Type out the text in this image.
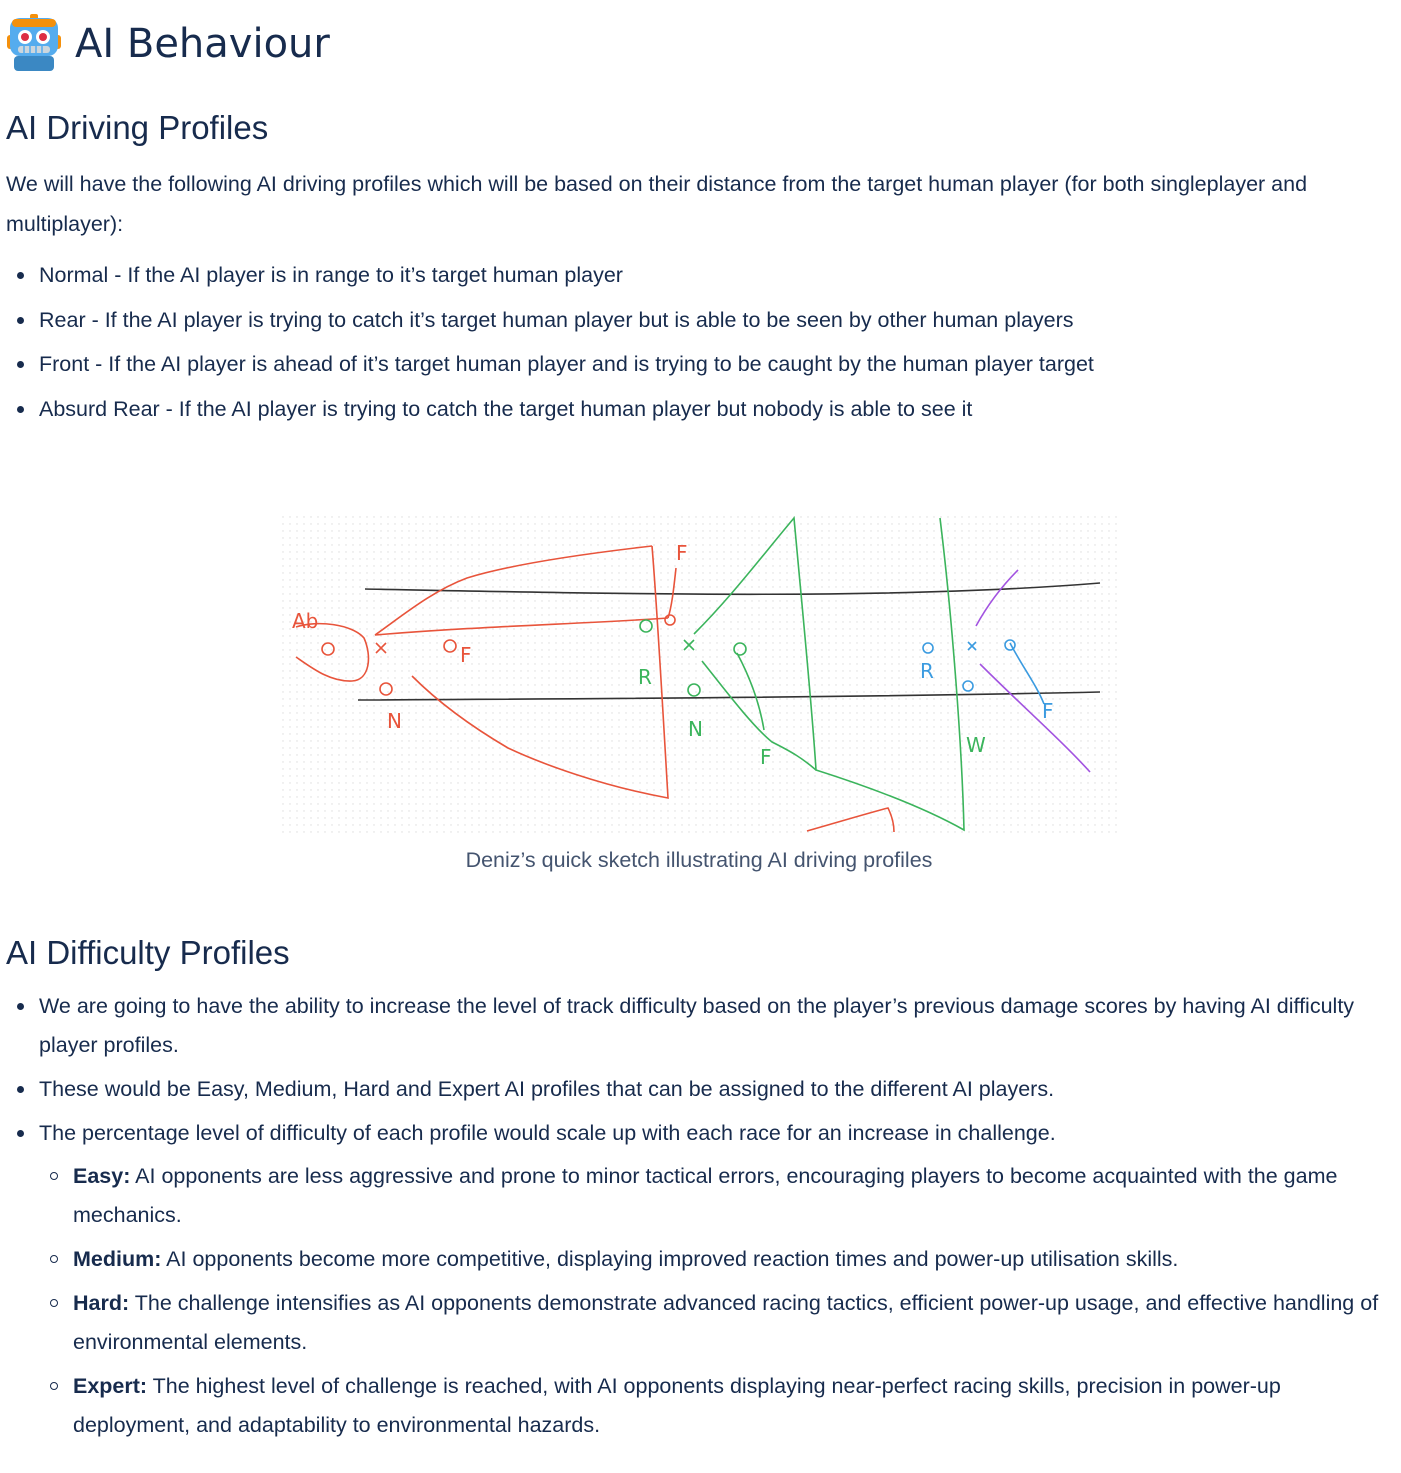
AI Behaviour
AI Driving Profiles

We will have the following AI driving profiles which will be based on their distance from the target human player (for both singleplayer and multiplayer):

Normal - If the AI player is in range to it’s target human player
Rear - If the AI player is trying to catch it’s target human player but is able to be seen by other human players
Front - If the AI player is ahead of it’s target human player and is trying to be caught by the human player target
Absurd Rear - If the AI player is trying to catch the target human player but nobody is able to see it
Ab
F
F
N
R
N
F
R
F
W
Deniz’s quick sketch illustrating AI driving profiles
AI Difficulty Profiles
We are going to have the ability to increase the level of track difficulty based on the player’s previous damage scores by having AI difficulty player profiles.
These would be Easy, Medium, Hard and Expert AI profiles that can be assigned to the different AI players.
The percentage level of difficulty of each profile would scale up with each race for an increase in challenge.
Easy: AI opponents are less aggressive and prone to minor tactical errors, encouraging players to become acquainted with the game mechanics.
Medium: AI opponents become more competitive, displaying improved reaction times and power-up utilisation skills.
Hard: The challenge intensifies as AI opponents demonstrate advanced racing tactics, efficient power-up usage, and effective handling of environmental elements.
Expert: The highest level of challenge is reached, with AI opponents displaying near-perfect racing skills, precision in power-up deployment, and adaptability to environmental hazards.
